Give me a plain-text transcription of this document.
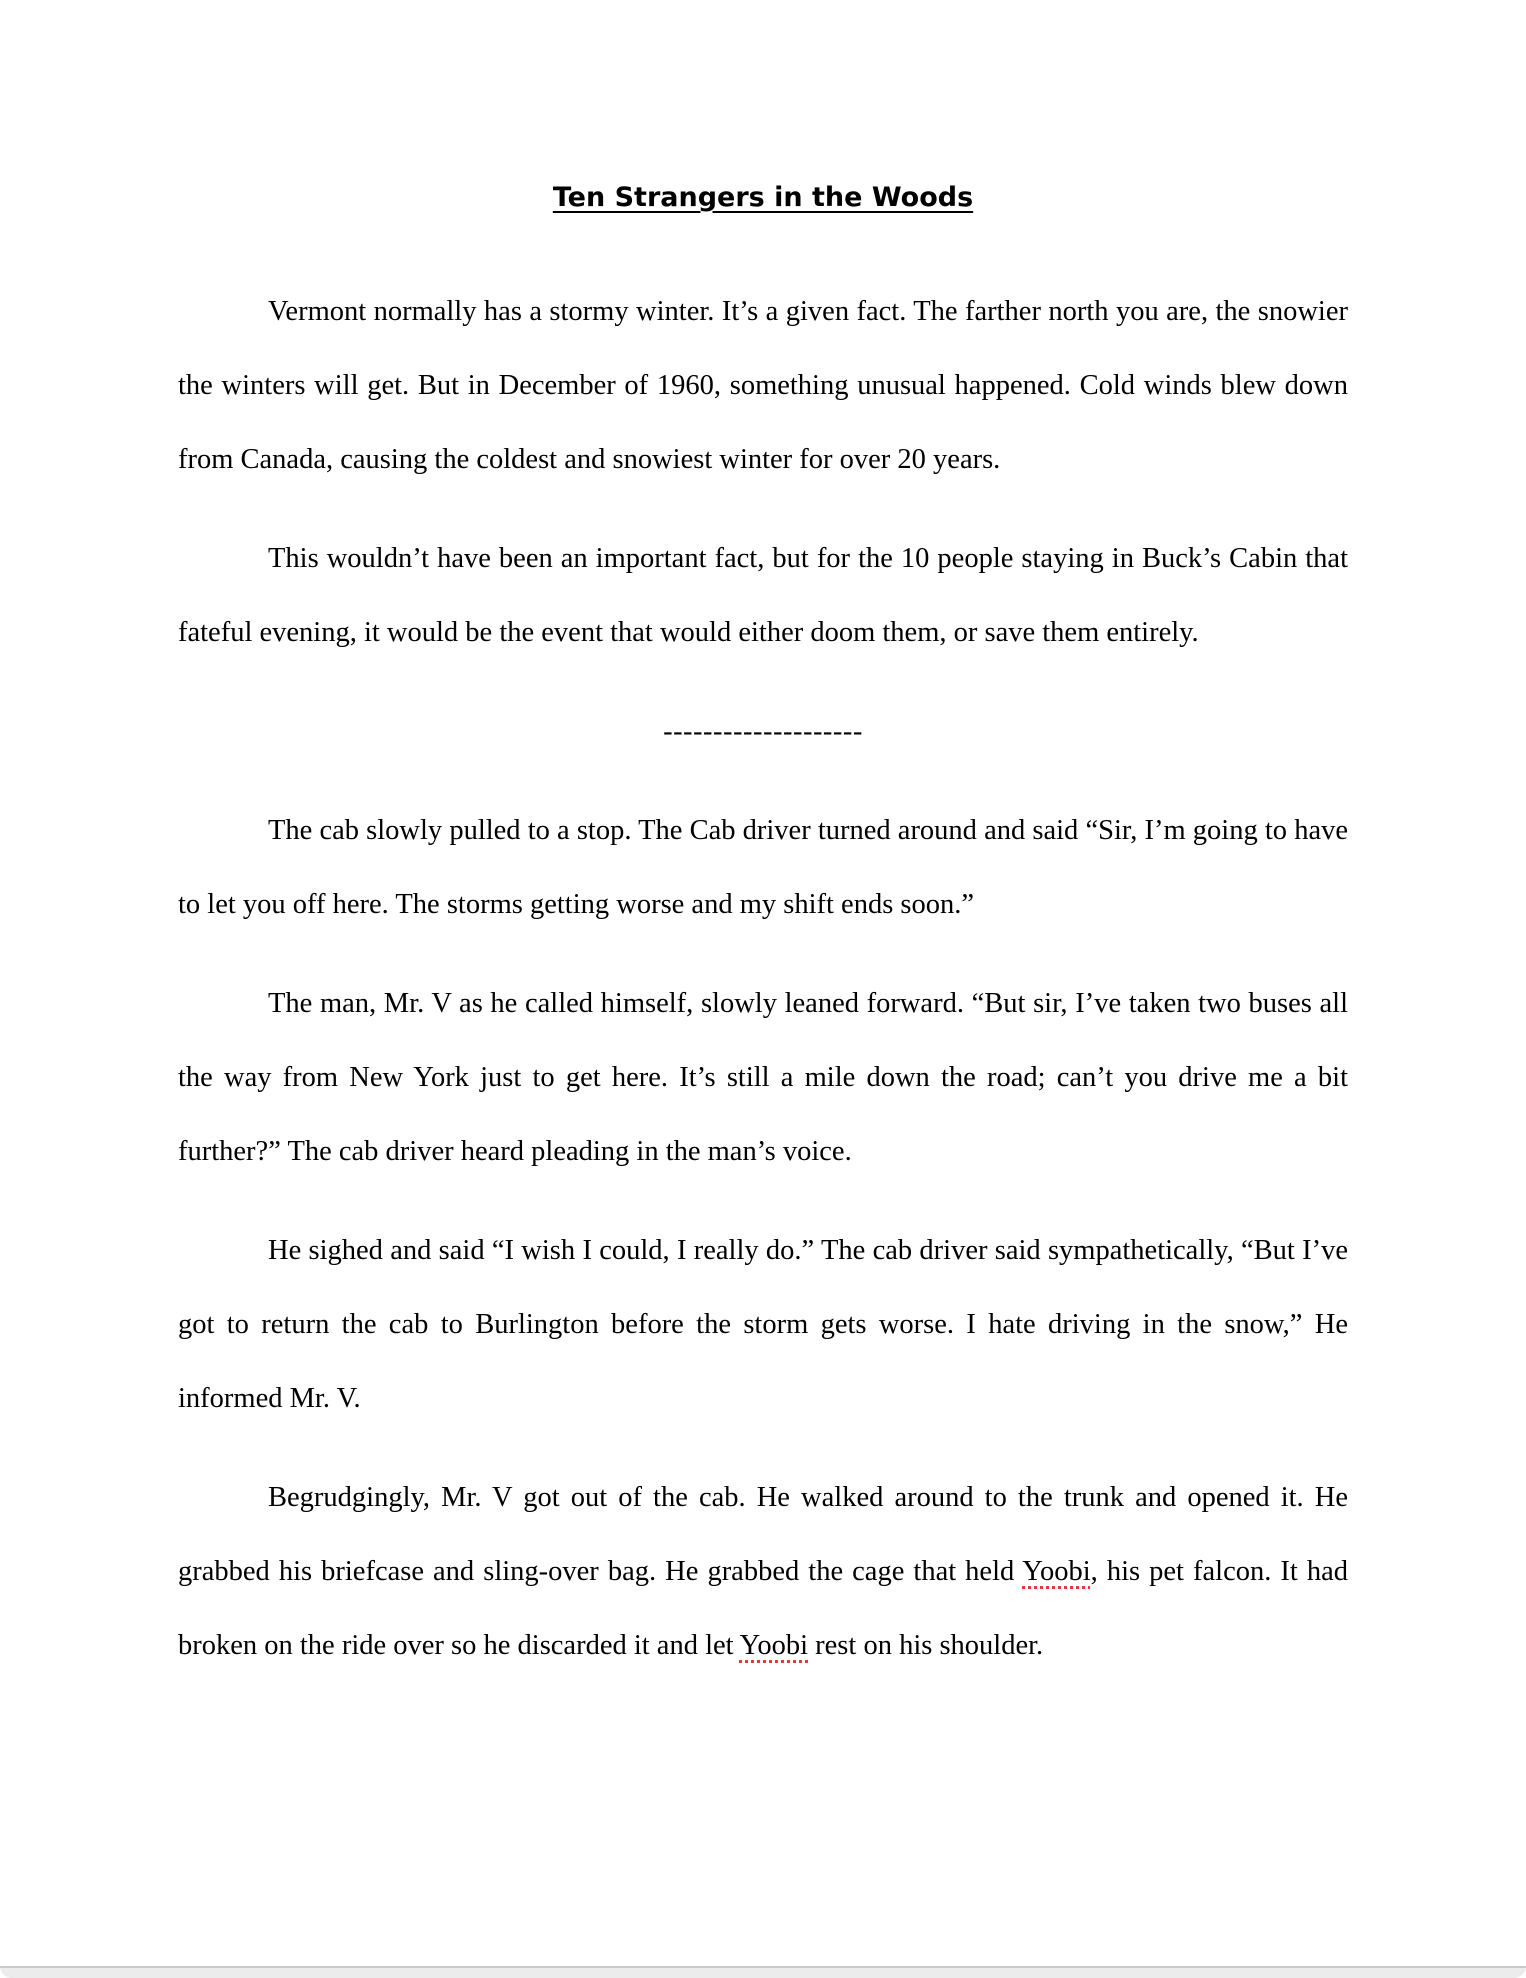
Ten Strangers in the Woods

Vermont normally has a stormy winter. It’s a given fact. The farther north you are, the snowier the winters will get. But in December of 1960, something unusual happened. Cold winds blew down from Canada, causing the coldest and snowiest winter for over 20 years.

This wouldn’t have been an important fact, but for the 10 people staying in Buck’s Cabin that fateful evening, it would be the event that would either doom them, or save them entirely.

--------------------

The cab slowly pulled to a stop. The Cab driver turned around and said “Sir, I’m going to have to let you off here. The storms getting worse and my shift ends soon.”

The man, Mr. V as he called himself, slowly leaned forward. “But sir, I’ve taken two buses all the way from New York just to get here. It’s still a mile down the road; can’t you drive me a bit further?” The cab driver heard pleading in the man’s voice.

He sighed and said “I wish I could, I really do.” The cab driver said sympathetically, “But I’ve got to return the cab to Burlington before the storm gets worse. I hate driving in the snow,” He informed Mr. V.

Begrudgingly, Mr. V got out of the cab. He walked around to the trunk and opened it. He grabbed his briefcase and sling-over bag. He grabbed the cage that held Yoobi, his pet falcon. It had broken on the ride over so he discarded it and let Yoobi rest on his shoulder.
